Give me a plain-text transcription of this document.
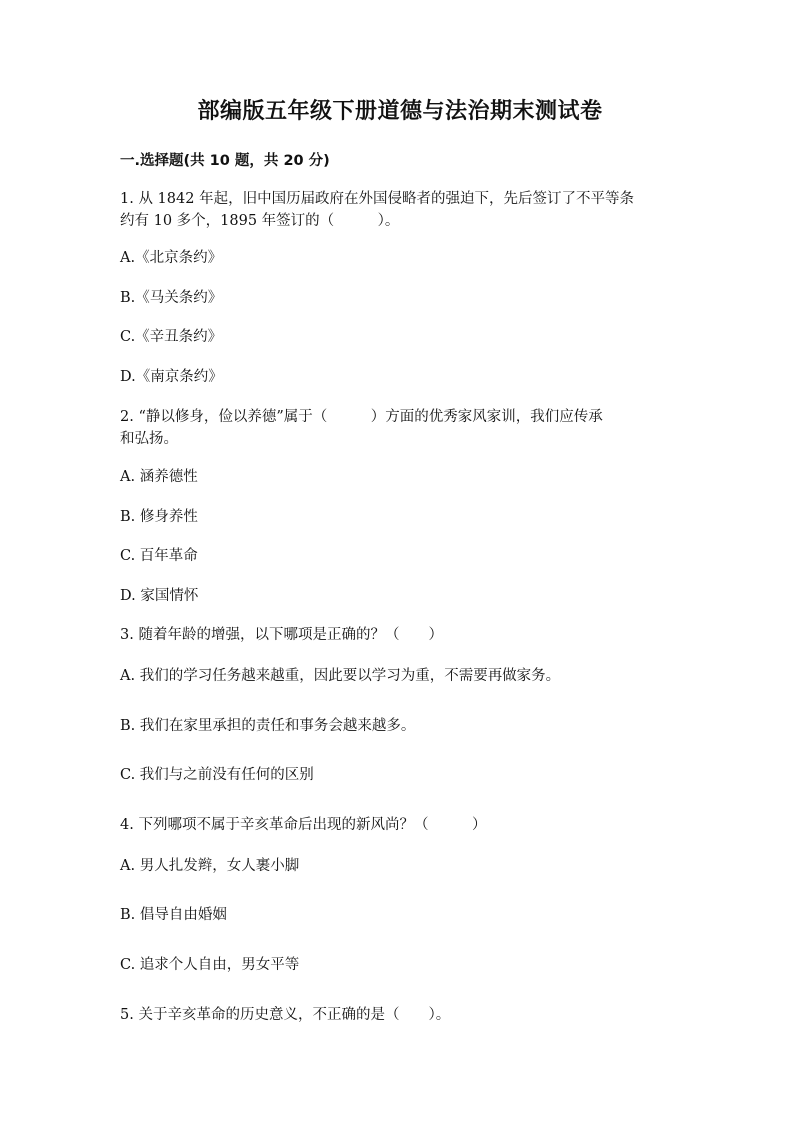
部编版五年级下册道德与法治期末测试卷
一.选择题(共 10 题，共 20 分)
1. 从 1842 年起，旧中国历届政府在外国侵略者的强迫下，先后签订了不平等条
约有 10 多个，1895 年签订的（　　　）。
A.《北京条约》
B.《马关条约》
C.《辛丑条约》
D.《南京条约》
2. “静以修身，俭以养德”属于（　　　）方面的优秀家风家训，我们应传承
和弘扬。
A. 涵养德性
B. 修身养性
C. 百年革命
D. 家国情怀
3. 随着年龄的增强，以下哪项是正确的？（　　）
A. 我们的学习任务越来越重，因此要以学习为重，不需要再做家务。
B. 我们在家里承担的责任和事务会越来越多。
C. 我们与之前没有任何的区别
4. 下列哪项不属于辛亥革命后出现的新风尚？（　　　）
A. 男人扎发辫，女人裹小脚
B. 倡导自由婚姻
C. 追求个人自由，男女平等
5. 关于辛亥革命的历史意义，不正确的是（　　）。
